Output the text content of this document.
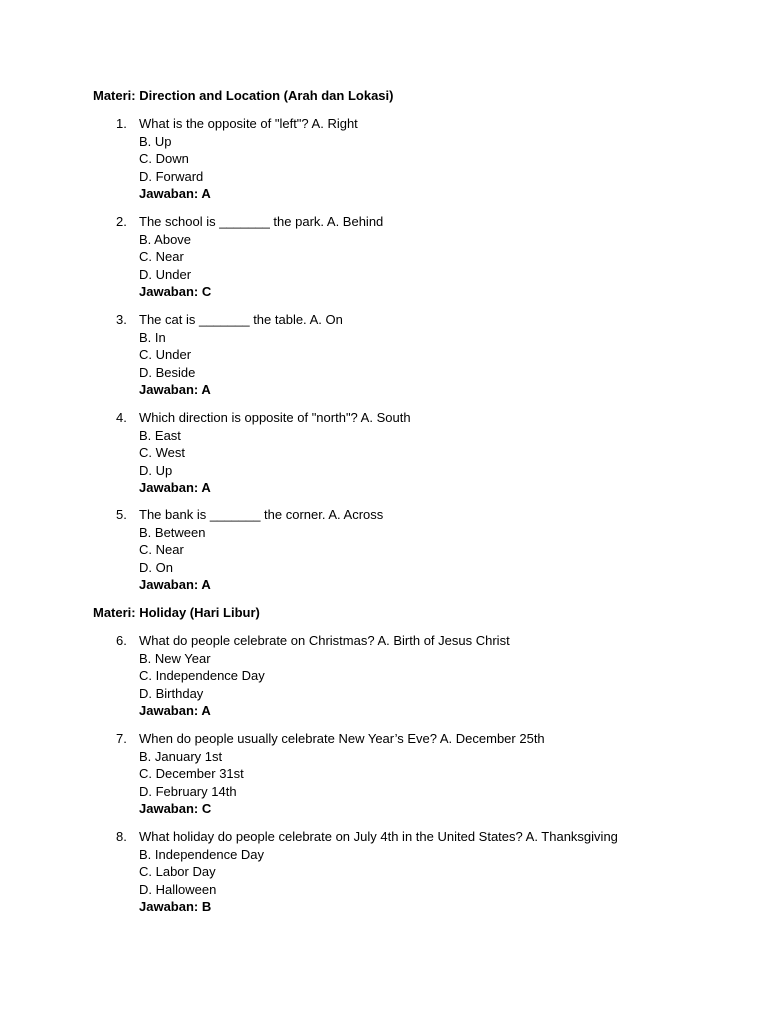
Materi: Direction and Location (Arah dan Lokasi)
1. What is the opposite of "left"? A. Right
B. Up
C. Down
D. Forward
Jawaban: A
2. The school is _______ the park. A. Behind
B. Above
C. Near
D. Under
Jawaban: C
3. The cat is _______ the table. A. On
B. In
C. Under
D. Beside
Jawaban: A
4. Which direction is opposite of "north"? A. South
B. East
C. West
D. Up
Jawaban: A
5. The bank is _______ the corner. A. Across
B. Between
C. Near
D. On
Jawaban: A
Materi: Holiday (Hari Libur)
6. What do people celebrate on Christmas? A. Birth of Jesus Christ
B. New Year
C. Independence Day
D. Birthday
Jawaban: A
7. When do people usually celebrate New Year’s Eve? A. December 25th
B. January 1st
C. December 31st
D. February 14th
Jawaban: C
8. What holiday do people celebrate on July 4th in the United States? A. Thanksgiving
B. Independence Day
C. Labor Day
D. Halloween
Jawaban: B
